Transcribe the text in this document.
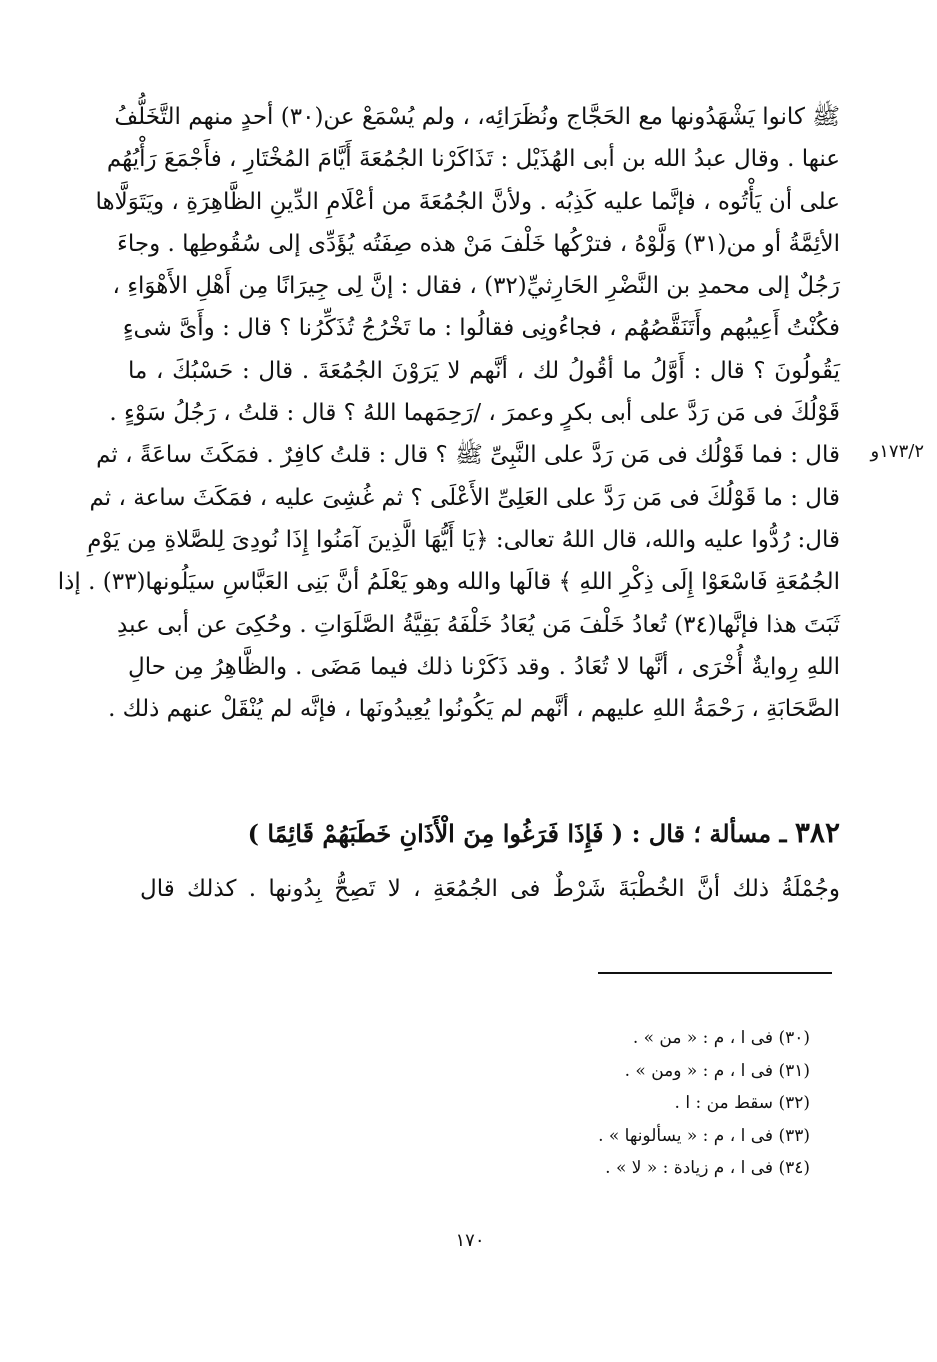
ﷺ كانوا يَشْهَدُونها مع الحَجَّاج ونُظَرَائِه، ، ولم يُسْمَعْ عن(٣٠) أحدٍ منهم التَّخَلُّفُ
عنها . وقال عبدُ الله بن أبى الهُذَيْل : تَذَاكَرْنا الجُمُعَةَ أَيَّامَ المُخْتَارِ ، فأَجْمَعَ رَأْيُهُم
على أن يَأْتُوه ، فإنَّما عليه كَذِبُه . ولأنَّ الجُمُعَةَ من أعْلَامِ الدِّينِ الظَّاهِرَةِ ، ويَتَوَلَّاها
الأئِمَّةُ أو من(٣١) وَلَّوْهُ ، فترْكُها خَلْفَ مَنْ هذه صِفَتُه يُؤَدِّى إلى سُقُوطِها . وجاءَ
رَجُلٌ إلى محمدِ بن النَّضْرِ الحَارِثيِّ(٣٢) ، فقال : إنَّ لِى جِيرَانًا مِن أَهْلِ الأَهْوَاءِ ،
فكُنْتُ أَعِيبُهم وأَتَنَقَّصُهُم ، فجاءُونِى فقالُوا : ما تَخْرُجُ تُذَكِّرُنا ؟ قال : وأَىَّ شىءٍ
يَقُولُونَ ؟ قال : أَوَّلُ ما أقُولُ لك ، أنَّهم لا يَرَوْنَ الجُمُعَةَ . قال : حَسْبُكَ ، ما
قَوْلُكَ فى مَن رَدَّ على أبى بكرٍ وعمرَ ، /رَحِمَهما اللهُ ؟ قال : قلتُ ، رَجُلُ سَوْءٍ .
قال : فما قَوْلُك فى مَن رَدَّ على النَّبِىِّ ﷺ ؟ قال : قلتُ كافِرٌ . فمَكَثَ ساعَةً ، ثم
قال : ما قَوْلُكَ فى مَن رَدَّ على العَلِىِّ الأَعْلَى ؟ ثم غُشِىَ عليه ، فمَكَثَ ساعة ، ثم
قال: رُدُّوا عليه والله، قال اللهُ تعالى: ﴿يَا أَيُّهَا الَّذِينَ آمَنُوا إِذَا نُودِىَ لِلصَّلاةِ مِن يَوْمِ
الجُمُعَةِ فَاسْعَوْا إِلَى ذِكْرِ اللهِ ﴾ قالَها والله وهو يَعْلَمُ أنَّ بَنِى العَبَّاسِ سيَلُونها(٣٣) . إذا
ثَبَتَ هذا فإنَّها(٣٤) تُعادُ خَلْفَ مَن يُعَادُ خَلْفَهُ بَقِيَّةُ الصَّلَوَاتِ . وحُكِىَ عن أبى عبدِ
اللهِ رِوايةٌ أُخْرَى ، أنَّها لا تُعَادُ . وقد ذَكَرْنا ذلك فيما مَضَى . والظَّاهِرُ مِن حالِ
الصَّحَابَةِ ، رَحْمَةُ اللهِ عليهم ، أنَّهم لم يَكُونُوا يُعِيدُونَها ، فإنَّه لم يُنْقَلْ عنهم ذلك .
١٧٣/٢و
٣٨٢ ـ مسألة ؛ قال : ( فَإِذَا فَرَغُوا مِنَ الْأَذَانِ خَطَبَهُمْ قَائِمًا )
وجُمْلَةُ ذلك أنَّ الخُطْبَةَ شَرْطٌ فى الجُمُعَةِ ، لا تَصِحُّ بِدُونها . كذلك قال
(٣٠) فى ا ، م : « من » .
(٣١) فى ا ، م : « ومن » .
(٣٢) سقط من : ا .
(٣٣) فى ا ، م : « يسألونها » .
(٣٤) فى ا ، م زيادة : « لا » .
١٧٠
